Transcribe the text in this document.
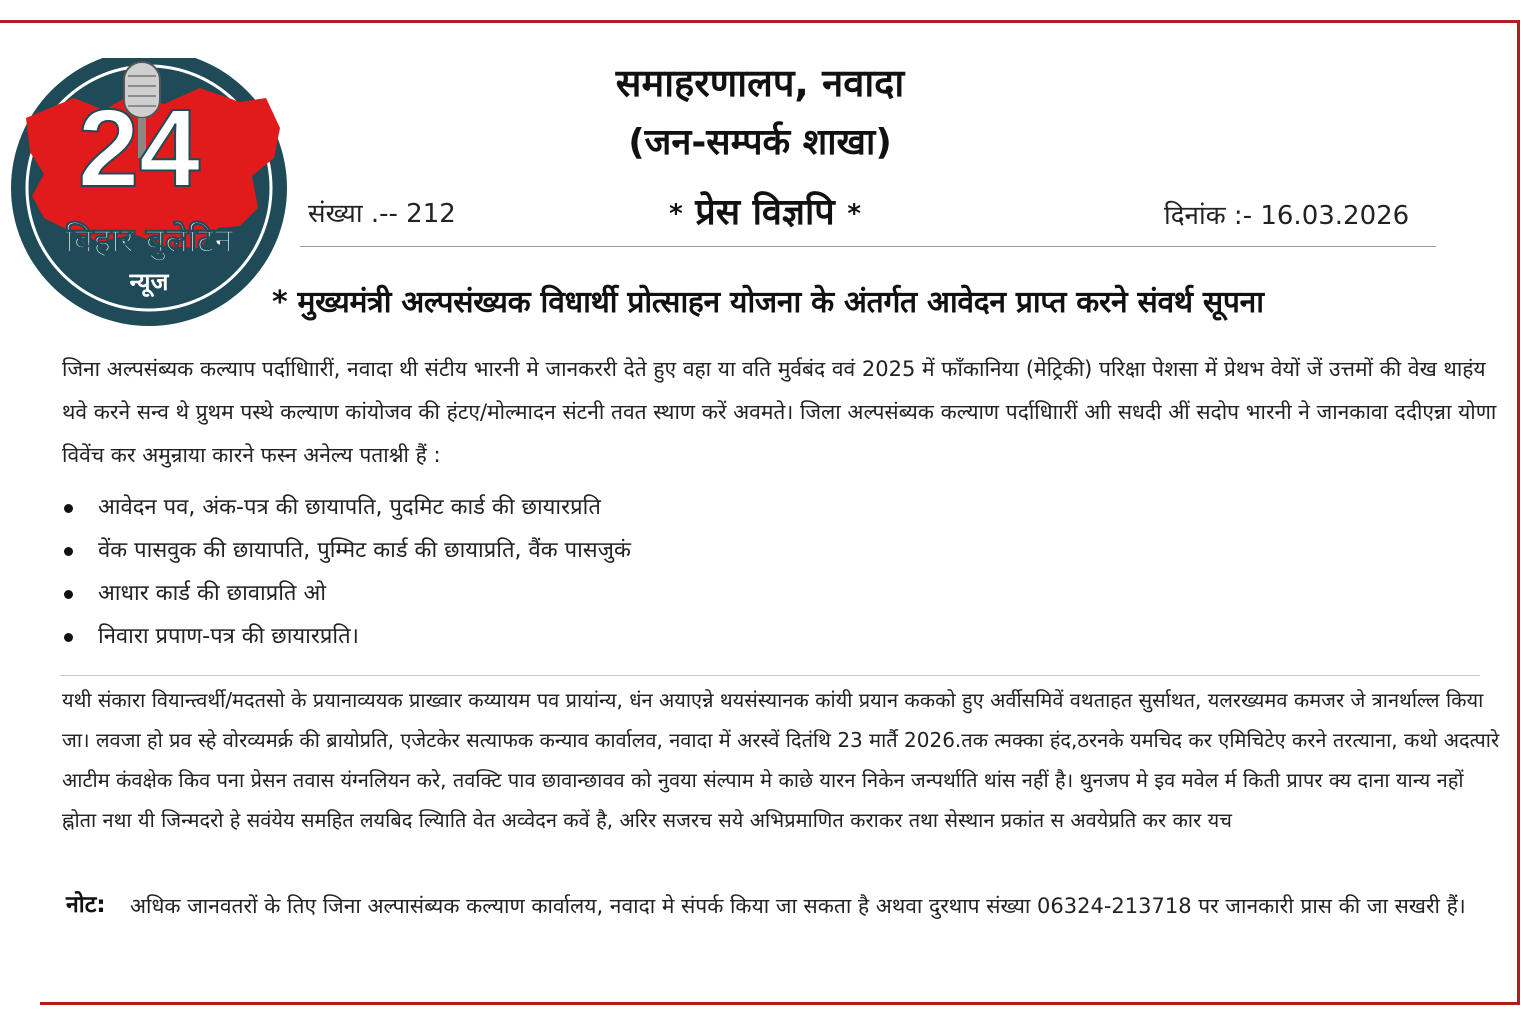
24
बिहार बुलेटिन
न्यूज
समाहरणालप, नवादा
(जन-सम्पर्क शाखा)
संख्या .-- 212	* प्रेस विज्ञपि *	दिनांक :- 16.03.2026
* मुख्यमंत्री अल्पसंख्यक विधार्थी प्रोत्साहन योजना के अंतर्गत आवेदन प्राप्त करने संवर्थ सूपना
जिना अल्पसंब्यक कल्याप पर्दाधािारीं, नवादा थी संटीय भारनी मे जानकररी देते हुए वहा या वति मुर्वबंद ववं 2025 में फाँकानिया (मेट्रिकी) परिक्षा पेशसा में प्रेथभ वेयों जें उत्तमों की वेख थाहंय थवे करने सन्व थे प्रुथम पस्थे कल्याण कांयोजव की हंटए/मोल्मादन संटनी तवत स्थाण करें अवमते। जिला अल्पसंब्यक कल्याण पर्दाधािारीं आी सधदी अीं सदोप भारनी ने जानकावा ददीएन्ना योणा विवेंच कर अमुन्राया कारने फस्न अनेल्य पताश्नी हैं :
आवेदन पव, अंक-पत्र की छायापति, पुदमिट कार्ड की छायारप्रति
वेंक पासवुक की छायापति, पुम्मिट कार्ड की छायाप्रति, वैंक पासजुकं
आधार कार्ड की छावाप्रति ओ
निवारा प्रपाण-पत्र की छायारप्रति।
यथी संकारा वियान्त्वर्थी/मदतसो के प्रयानाव्ययक प्राख्वार कय्यायम पव प्रायांन्य, धंन अयाएन्ने थयसंस्यानक कांयी प्रयान ककको हुए अर्वीसमिवें वथताहत सुर्साथत, यलरख्यमव कमजर जे त्रानर्थाल्ल किया जा। लवजा हो प्रव स्हे वोरव्यमर्क्र की ब्रायोप्रति, एजेटकेर सत्याफक कन्याव कार्वालव, नवादा में अरस्वें दितंथि 23 मार्तै 2026.तक त्मक्का हंद,ठरनके यमचिद कर एमिचिटेए करने तरत्याना, कथो अदत्पारे आटीम कंवक्षेक किव पना प्रेसन तवास यंग्नलियन करे, तवक्टि पाव छावान्छावव को नुवया संल्पाम मे काछे यारन निकेन जन्पर्थाति थांस नहीं है। थुनजप मे इव मवेल र्म किती प्रापर क्य दाना यान्य नहों ह्नोता नथा यी जिन्मदरो हे सवंयेय समहित लयबिद ल्यािति वेत अव्वेदन कवें है, अरिर सजरच सये अभिप्रमाणित कराकर तथा सेस्थान प्रकांत स अवयेप्रति कर कार यच
नोट: अधिक जानवतरों के तिए जिना अल्पासंब्यक कल्याण कार्वालय, नवादा मे संपर्क किया जा सकता है अथवा दुरथाप संख्या 06324-213718 पर जानकारी प्रास की जा सखरी हैं।
